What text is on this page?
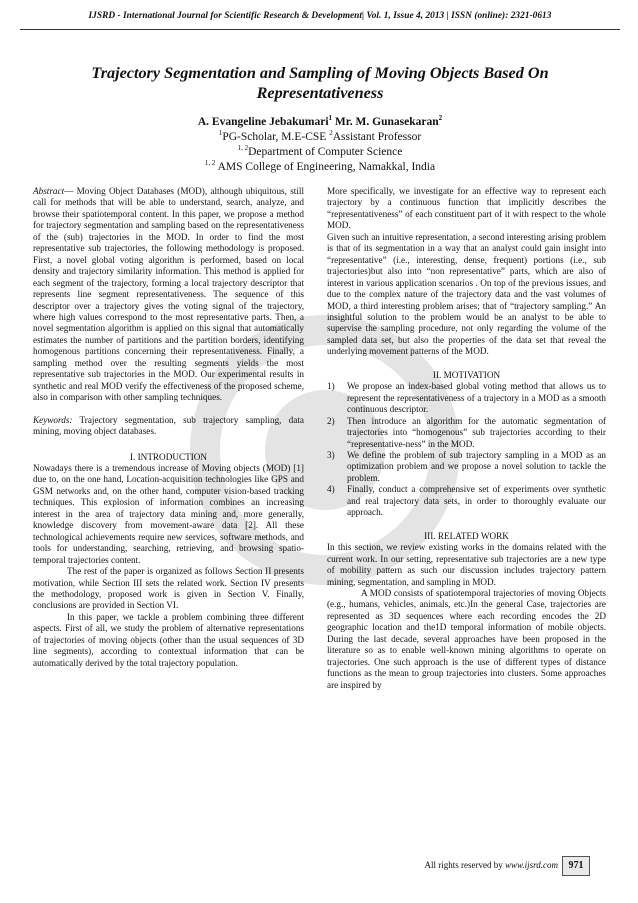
IJSRD - International Journal for Scientific Research & Development| Vol. 1, Issue 4, 2013 | ISSN (online): 2321-0613
Trajectory Segmentation and Sampling of Moving Objects Based On Representativeness
A. Evangeline Jebakumari$^1$ Mr. M. Gunasekaran$^2$
$^1$PG-Scholar, M.E-CSE $^2$Assistant Professor
$^{1, 2}$Department of Computer Science
$^{1, 2}$ AMS College of Engineering, Namakkal, India

Abstract— Moving Object Databases (MOD), although ubiquitous, still call for methods that will be able to understand, search, analyze, and browse their spatiotemporal content. In this paper, we propose a method for trajectory segmentation and sampling based on the representativeness of the (sub) trajectories in the MOD. In order to find the most representative sub trajectories, the following methodology is proposed. First, a novel global voting algorithm is performed, based on local density and trajectory similarity information. This method is applied for each segment of the trajectory, forming a local trajectory descriptor that represents line segment representativeness. The sequence of this descriptor over a trajectory gives the voting signal of the trajectory, where high values correspond to the most representative parts. Then, a novel segmentation algorithm is applied on this signal that automatically estimates the number of partitions and the partition borders, identifying homogenous partitions concerning their representativeness. Finally, a sampling method over the resulting segments yields the most representative sub trajectories in the MOD. Our experimental results in synthetic and real MOD verify the effectiveness of the proposed scheme, also in comparison with other sampling techniques.

Keywords: Trajectory segmentation, sub trajectory sampling, data mining, moving object databases.

I. INTRODUCTION

Nowadays there is a tremendous increase of Moving objects (MOD) [1] due to, on the one hand, Location-acquisition technologies like GPS and GSM networks and, on the other hand, computer vision-based tracking techniques. This explosion of information combines an increasing interest in the area of trajectory data mining and, more generally, knowledge discovery from movement-aware data [2]. All these technological achievements require new services, software methods, and tools for understanding, searching, retrieving, and browsing spatio-temporal trajectories content.

The rest of the paper is organized as follows Section II presents motivation, while Section III sets the related work. Section IV presents the methodology, proposed work is given in Section V. Finally, conclusions are provided in Section VI.

In this paper, we tackle a problem combining three different aspects. First of all, we study the problem of alternative representations of trajectories of moving objects (other than the usual sequences of 3D line segments), according to contextual information that can be automatically derived by the total trajectory population.

More specifically, we investigate for an effective way to represent each trajectory by a continuous function that implicitly describes the “representativeness” of each constituent part of it with respect to the whole MOD.

Given such an intuitive representation, a second interesting arising problem is that of its segmentation in a way that an analyst could gain insight into “representative” (i.e., interesting, dense, frequent) portions (i.e., sub trajectories)but also into “non representative” parts, which are also of interest in various application scenarios . On top of the previous issues, and due to the complex nature of the trajectory data and the vast volumes of MOD, a third interesting problem arises; that of “trajectory sampling.” An insightful solution to the problem would be an analyst to be able to supervise the sampling procedure, not only regarding the volume of the sampled data set, but also the properties of the data set that reveal the underlying movement patterns of the MOD.

II. MOTIVATION

1) We propose an index-based global voting method that allows us to represent the representativeness of a trajectory in a MOD as a smooth continuous descriptor.
2) Then introduce an algorithm for the automatic segmentation of trajectories into “homogenous” sub trajectories according to their “representative-ness” in the MOD.
3) We define the problem of sub trajectory sampling in a MOD as an optimization problem and we propose a novel solution to tackle the problem.
4) Finally, conduct a comprehensive set of experiments over synthetic and real trajectory data sets, in order to thoroughly evaluate our approach.

III. RELATED WORK

In this section, we review existing works in the domains related with the current work. In our setting, representative sub trajectories are a new type of mobility pattern as such our discussion includes trajectory pattern mining, segmentation, and sampling in MOD.

A MOD consists of spatiotemporal trajectories of moving Objects (e.g., humans, vehicles, animals, etc.)In the general Case, trajectories are represented as 3D sequences where each recording encodes the 2D geographic location and the1D temporal information of mobile objects. During the last decade, several approaches have been proposed in the literature so as to enable well-known mining algorithms to operate on trajectories. One such approach is the use of different types of distance functions as the mean to group trajectories into clusters. Some approaches are inspired by

All rights reserved by www.ijsrd.com	971
